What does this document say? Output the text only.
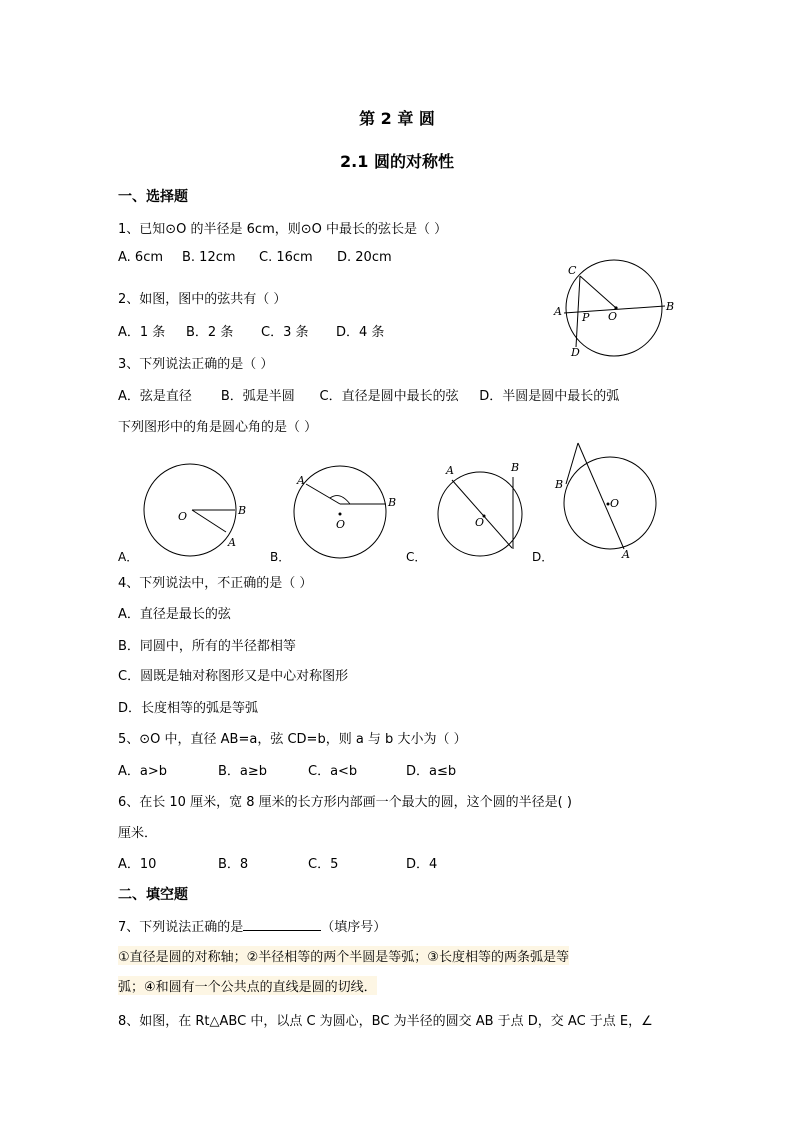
第 2 章 圆
2.1 圆的对称性
一、选择题
1、已知⊙O 的半径是 6cm，则⊙O 中最长的弦长是（ ）
A. 6cm B. 12cm C. 16cm D. 20cm
2、如图，图中的弦共有（ ）
A．1 条 B．2 条 C．3 条 D．4 条
3、下列说法正确的是（ ）
A．弦是直径       B．弧是半圆      C．直径是圆中最长的弦     D．半圆是圆中最长的弧
下列图形中的角是圆心角的是（ ）
C
A P O
B
D
O	B
A
A．
A
O
B
B．
A	B
O
C．
B
O
A
D．
4、下列说法中，不正确的是（ ）
A．直径是最长的弦
B．同圆中，所有的半径都相等
C．圆既是轴对称图形又是中心对称图形
D．长度相等的弧是等弧
5、⊙O 中，直径 AB=a，弦 CD=b，则 a 与 b 大小为（ ）
A．a>b	B．a≥b	C．a<b	D．a≤b
6、在长 10 厘米，宽 8 厘米的长方形内部画一个最大的圆，这个圆的半径是( )
厘米．
A．10	B．8	C．5	D．4
二、填空题
7、下列说法正确的是	（填序号）
①直径是圆的对称轴；②半径相等的两个半圆是等弧；③长度相等的两条弧是等
弧；④和圆有一个公共点的直线是圆的切线．
8、如图，在 Rt△ABC 中，以点 C 为圆心，BC 为半径的圆交 AB 于点 D，交 AC 于点 E，∠
